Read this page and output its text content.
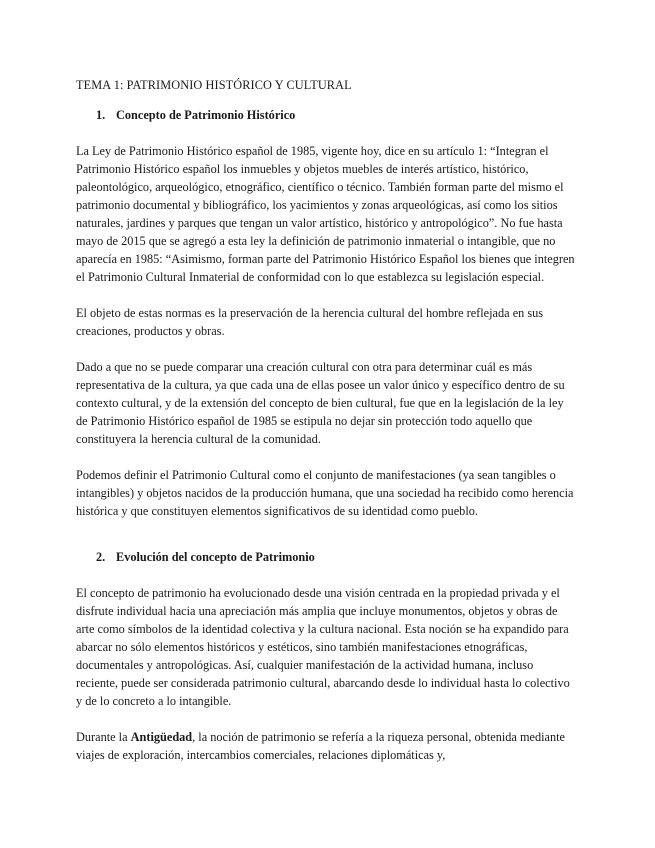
TEMA 1: PATRIMONIO HISTÓRICO Y CULTURAL

1. Concepto de Patrimonio Histórico

La Ley de Patrimonio Histórico español de 1985, vigente hoy, dice en su artículo 1: “Integran el Patrimonio Histórico español los inmuebles y objetos muebles de interés artístico, histórico, paleontológico, arqueológico, etnográfico, científico o técnico. También forman parte del mismo el patrimonio documental y bibliográfico, los yacimientos y zonas arqueológicas, así como los sitios naturales, jardines y parques que tengan un valor artístico, histórico y antropológico”. No fue hasta mayo de 2015 que se agregó a esta ley la definición de patrimonio inmaterial o intangible, que no aparecía en 1985: “Asimismo, forman parte del Patrimonio Histórico Español los bienes que integren el Patrimonio Cultural Inmaterial de conformidad con lo que establezca su legislación especial.

El objeto de estas normas es la preservación de la herencia cultural del hombre reflejada en sus creaciones, productos y obras.

Dado a que no se puede comparar una creación cultural con otra para determinar cuál es más representativa de la cultura, ya que cada una de ellas posee un valor único y específico dentro de su contexto cultural, y de la extensión del concepto de bien cultural, fue que en la legislación de la ley de Patrimonio Histórico español de 1985 se estipula no dejar sin protección todo aquello que constituyera la herencia cultural de la comunidad.

Podemos definir el Patrimonio Cultural como el conjunto de manifestaciones (ya sean tangibles o intangibles) y objetos nacidos de la producción humana, que una sociedad ha recibido como herencia histórica y que constituyen elementos significativos de su identidad como pueblo.

2. Evolución del concepto de Patrimonio

El concepto de patrimonio ha evolucionado desde una visión centrada en la propiedad privada y el disfrute individual hacia una apreciación más amplia que incluye monumentos, objetos y obras de arte como símbolos de la identidad colectiva y la cultura nacional. Esta noción se ha expandido para abarcar no sólo elementos históricos y estéticos, sino también manifestaciones etnográficas, documentales y antropológicas. Así, cualquier manifestación de la actividad humana, incluso reciente, puede ser considerada patrimonio cultural, abarcando desde lo individual hasta lo colectivo y de lo concreto a lo intangible.

Durante la Antigüedad, la noción de patrimonio se refería a la riqueza personal, obtenida mediante viajes de exploración, intercambios comerciales, relaciones diplomáticas y,
